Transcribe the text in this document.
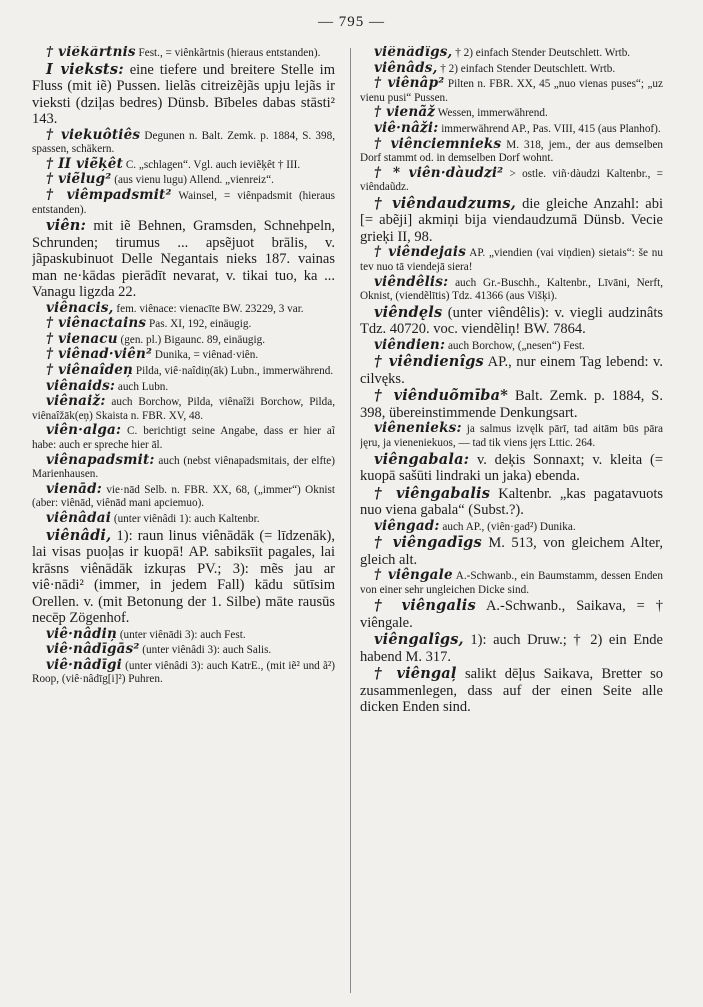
— 795 —

† viẽkãrtnis Fest., = viênkãrtnis (hieraus entstanden).

I vieksts: eine tiefere und breitere Stelle im Fluss (mit iẽ) Pussen. lielãs citreizẽjãs upju lejãs ir vieksti (dziļas bedres) Dünsb. Bībeles dabas stāsti² 143.

† viekuôtiês Degunen n. Balt. Zemk. p. 1884, S. 398, spassen, schäkern.

† II viẽķêt C. „schlagen“. Vgl. auch ieviẽķêt † III.

† viẽlug² (aus vienu lugu) Allend. „vienreiz“.

† viêmpadsmit² Wainsel, = viênpadsmit (hieraus entstanden).

viên: mit iẽ Behnen, Gramsden, Schnehpeln, Schrunden; tirumus ... apsẽjuot brālis, v. jãpaskubinuot Delle Negantais nieks 187. vainas man ne·kādas pierādīt nevarat, v. tikai tuo, ka ... Vanagu ligzda 22.

viênacis, fem. viênace: vienacīte BW. 23229, 3 var.

† viênactains Pas. XI, 192, einäugig.

† vienacu (gen. pl.) Bigaunc. 89, einäugig.

† viênad·viên² Dunika, = viênad·viên.

† viênaîdeņ Pilda, viê·naîdiņ(āk) Lubn., immerwährend.

viênaids: auch Lubn.

viênaiž: auch Borchow, Pilda, viênaîži Borchow, Pilda, viênaîžāk(eņ) Skaista n. FBR. XV, 48.

viên·alga: C. berichtigt seine Angabe, dass er hier aĩ habe: auch er spreche hier āl.

viênapadsmit: auch (nebst viênapadsmitais, der elfte) Marienhausen.

vienād: vie·nād Selb. n. FBR. XX, 68, („immer“) Oknist (aber: viênād, viênād mani apciemuo).

viênâdai (unter viênâdi 1): auch Kaltenbr.

viênâdi, 1): raun linus viênādāk (= līdzenāk), lai visas puoļas ir kuopā! AP. sabiksīit pagales, lai krāsns viênādāk izkuŗas PV.; 3): mẽs jau ar viê·nādi² (immer, in jedem Fall) kādu sūtīsim Orellen. v. (mit Betonung der 1. Silbe) māte rausūs necēp Zögenhof.

viê·nâdiņ (unter viênādi 3): auch Fest.

viê·nâdīgās² (unter viênâdi 3): auch Salis.

viê·nâdīgi (unter viênâdi 3): auch KatrE., (mit iẽ² und ã²) Roop, (viê·nâdīg[i]²) Puhren.

viênâdîgs, † 2) einfach Stender Deutschlett. Wrtb.

viênâds, † 2) einfach Stender Deutschlett. Wrtb.

† viênâp² Pilten n. FBR. XX, 45 „nuo vienas puses“; „uz vienu pusi“ Pussen.

† vienãž Wessen, immerwährend.

viê·nâži: immerwährend AP., Pas. VIII, 415 (aus Planhof).

† viênciemnieks M. 318, jem., der aus demselben Dorf stammt od. in demselben Dorf wohnt.

† * viên·dàudzi² > ostle. viñ·dàudzi Kaltenbr., = viêndaũdz.

† viêndaudzums, die gleiche Anzahl: abi [= abẽji] akmiņi bija viendaudzumā Dünsb. Vecie grieķi II, 98.

† viêndejais AP. „viendien (vai viņdien) sietais“: še nu tev nuo tā viendejā siera!

viêndêlis: auch Gr.-Buschh., Kaltenbr., Līvāni, Nerft, Oknist, (viendẽlītis) Tdz. 41366 (aus Višķi).

viêndęls (unter viêndêlis): v. viegli audzinâts Tdz. 40720. voc. viendẽliņ! BW. 7864.

viêndien: auch Borchow, („nesen“) Fest.

† viêndienîgs AP., nur einem Tag lebend: v. cilvęks.

† viênduõmība* Balt. Zemk. p. 1884, S. 398, übereinstimmende Denkungsart.

viênenieks: ja salmus izvęlk pārī, tad aitām būs pāra jęru, ja vieneniekuos, — tad tik viens jęrs Lttic. 264.

viêngabala: v. deķis Sonnaxt; v. kleita (= kuopā sašūti lindraki un jaka) ebenda.

† viêngabalis Kaltenbr. „kas pagatavuots nuo viena gabala“ (Subst.?).

viêngad: auch AP., (viên·gad²) Dunika.

† viêngadīgs M. 513, von gleichem Alter, gleich alt.

† viêngale A.-Schwanb., ein Baumstamm, dessen Enden von einer sehr ungleichen Dicke sind.

† viêngalis A.-Schwanb., Saikava, = † viêngale.

viêngalîgs, 1): auch Druw.; † 2) ein Ende habend M. 317.

† viêngaļ salikt dēļus Saikava, Bretter so zusammenlegen, dass auf der einen Seite alle dicken Enden sind.
